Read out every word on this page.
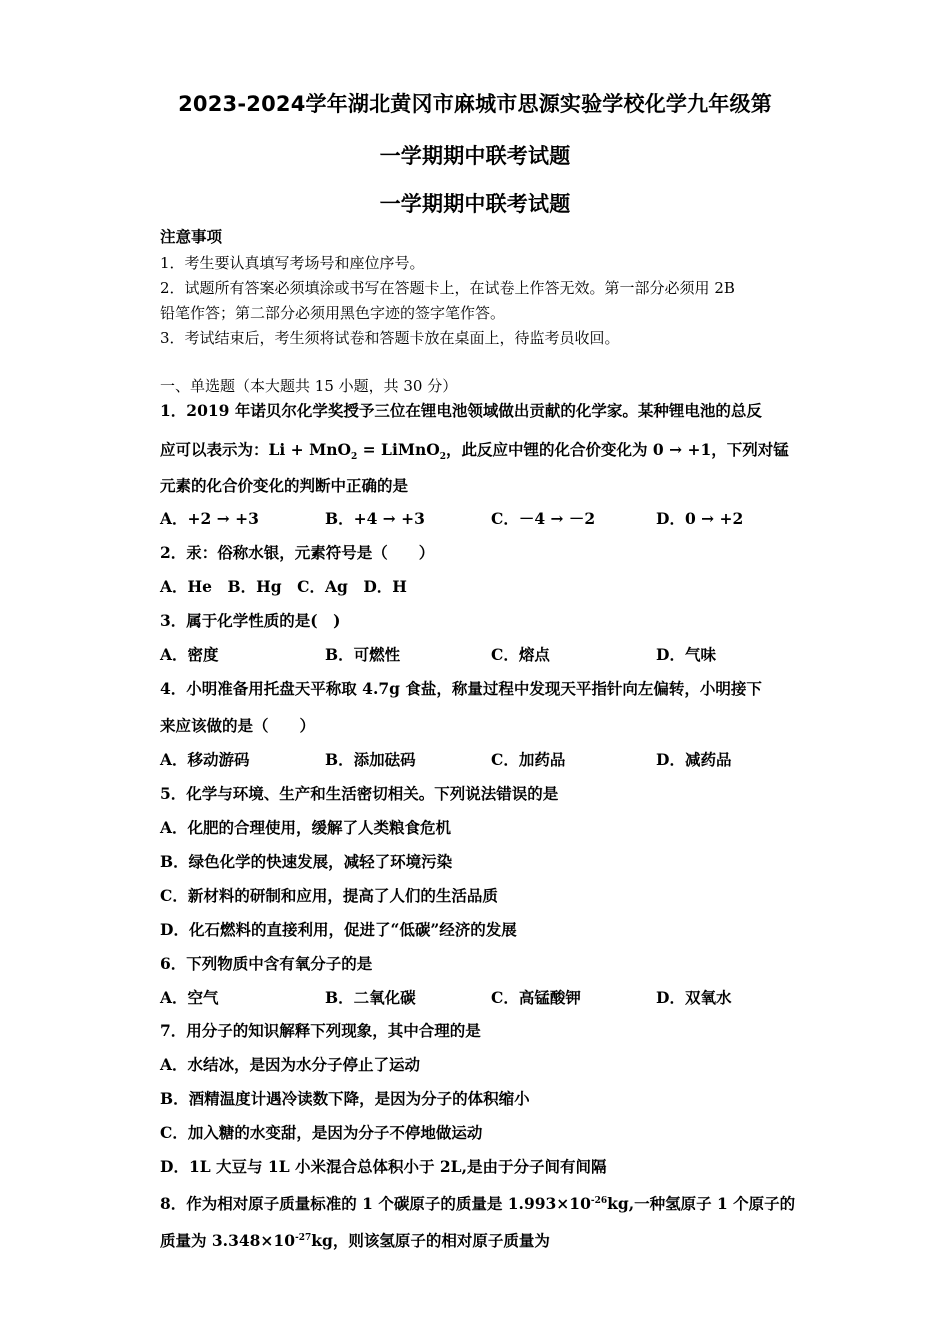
2023-2024学年湖北黄冈市麻城市思源实验学校化学九年级第
一学期期中联考试题
一学期期中联考试题
注意事项
1．考生要认真填写考场号和座位序号。
2．试题所有答案必须填涂或书写在答题卡上，在试卷上作答无效。第一部分必须用 2B
铅笔作答；第二部分必须用黑色字迹的签字笔作答。
3．考试结束后，考生须将试卷和答题卡放在桌面上，待监考员收回。
一、单选题（本大题共 15 小题，共 30 分）
1．2019 年诺贝尔化学奖授予三位在锂电池领域做出贡献的化学家。某种锂电池的总反
应可以表示为：Li + MnO$_2$ = LiMnO$_2$，此反应中锂的化合价变化为 0 → +1，下列对锰
元素的化合价变化的判断中正确的是
A．+2 → +3	B．+4 → +3	C．－4 → －2	D．0 → +2
2．汞：俗称水银，元素符号是（　　）
A．He　B．Hg　C．Ag　D．H
3．属于化学性质的是(　)
A．密度	B．可燃性	C．熔点	D．气味
4．小明准备用托盘天平称取 4.7g 食盐，称量过程中发现天平指针向左偏转，小明接下
来应该做的是（　　）
A．移动游码	B．添加砝码	C．加药品	D．减药品
5．化学与环境、生产和生活密切相关。下列说法错误的是
A．化肥的合理使用，缓解了人类粮食危机
B．绿色化学的快速发展，减轻了环境污染
C．新材料的研制和应用，提高了人们的生活品质
D．化石燃料的直接利用，促进了“低碳”经济的发展
6．下列物质中含有氧分子的是
A．空气	B．二氧化碳	C．高锰酸钾	D．双氧水
7．用分子的知识解释下列现象，其中合理的是
A．水结冰，是因为水分子停止了运动
B．酒精温度计遇冷读数下降，是因为分子的体积缩小
C．加入糖的水变甜，是因为分子不停地做运动
D．1L 大豆与 1L 小米混合总体积小于 2L,是由于分子间有间隔
8．作为相对原子质量标准的 1 个碳原子的质量是 $1.993\times 10^{-26}kg$,一种氢原子 1 个原子的
质量为 $3.348\times 10^{-27}kg$，则该氢原子的相对原子质量为
